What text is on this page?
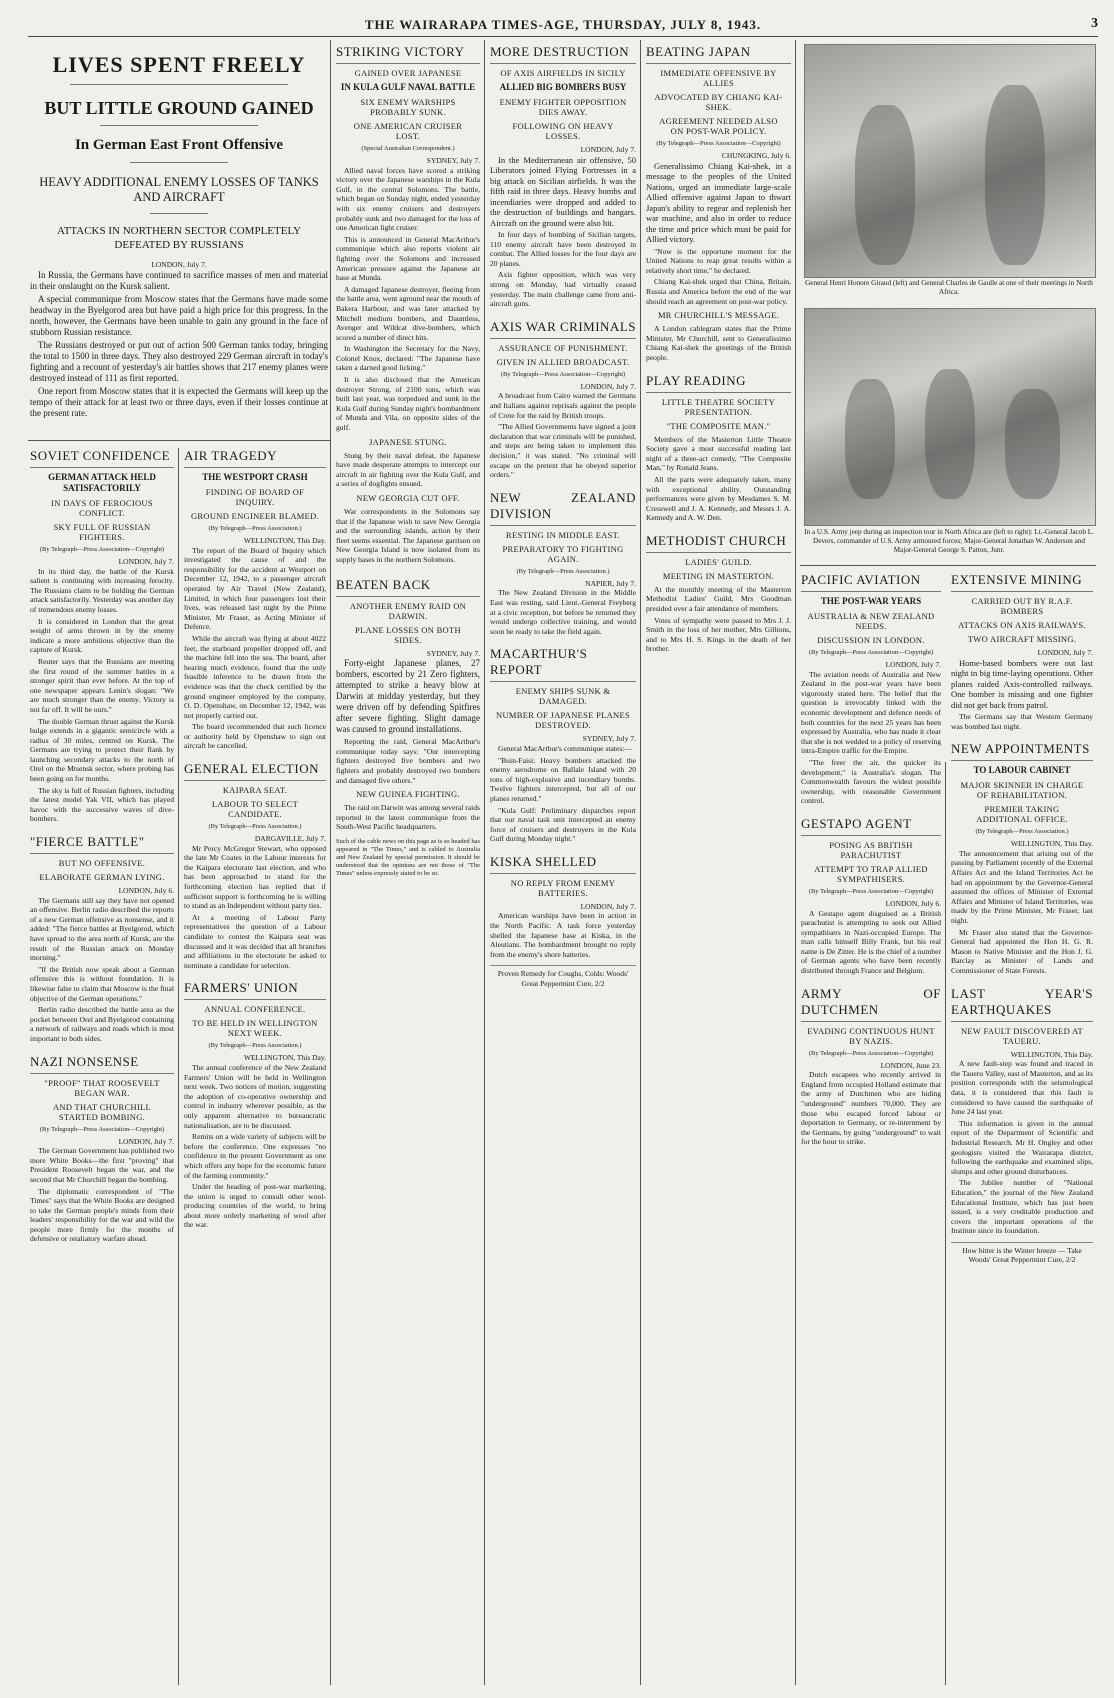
THE WAIRARAPA TIMES-AGE, THURSDAY, JULY 8, 1943.	3
LIVES SPENT FREELY
BUT LITTLE GROUND GAINED
In German East Front Offensive
HEAVY ADDITIONAL ENEMY LOSSES OF TANKS AND AIRCRAFT
ATTACKS IN NORTHERN SECTOR COMPLETELY DEFEATED BY RUSSIANS
LONDON, July 7.

In Russia, the Germans have continued to sacrifice masses of men and material in their onslaught on the Kursk salient.

A special communique from Moscow states that the Germans have made some headway in the Byelgorod area but have paid a high price for this progress. In the north, however, the Germans have been unable to gain any ground in the face of stubborn Russian resistance.

The Russians destroyed or put out of action 500 German tanks today, bringing the total to 1500 in three days. They also destroyed 229 German aircraft in today's fighting and a recount of yesterday's air battles shows that 217 enemy planes were destroyed instead of 111 as first reported.

One report from Moscow states that it is expected the Germans will keep up the tempo of their attack for at least two or three days, even if their losses continue at the present rate.

SOVIET CONFIDENCE
GERMAN ATTACK HELD SATISFACTORILY
IN DAYS OF FEROCIOUS CONFLICT.
SKY FULL OF RUSSIAN FIGHTERS.
(By Telegraph—Press Association—Copyright)
LONDON, July 7.

In its third day, the battle of the Kursk salient is continuing with increasing ferocity. The Russians claim to be holding the German attack satisfactorily. Yesterday was another day of tremendous enemy losses.

It is considered in London that the great weight of arms thrown in by the enemy indicate a more ambitious objective than the capture of Kursk.

Reuter says that the Russians are meeting the first round of the summer battles in a stronger spirit than ever before. At the top of one newspaper appears Lenin's slogan: "We are much stronger than the enemy. Victory is not far off. It will be ours."

The double German thrust against the Kursk bulge extends in a gigantic semicircle with a radius of 30 miles, centred on Kursk. The Germans are trying to protect their flank by launching secondary attacks to the north of Orel on the Mtsensk sector, where probing has been going on for months.

The sky is full of Russian fighters, including the latest model Yak VII, which has played havoc with the successive waves of dive-bombers.

"FIERCE BATTLE"
BUT NO OFFENSIVE.
ELABORATE GERMAN LYING.
LONDON, July 6.

The Germans still say they have not opened an offensive. Berlin radio described the reports of a new German offensive as nonsense, and it added: "The fierce battles at Byelgorod, which have spread to the area north of Kursk, are the result of the Russian attack on Monday morning."

"If the British now speak about a German offensive this is without foundation. It is likewise false to claim that Moscow is the final objective of the German operations."

Berlin radio described the battle area as the pocket between Orel and Byelgorod containing a network of railways and roads which is most important to both sides.

NAZI NONSENSE
"PROOF" THAT ROOSEVELT BEGAN WAR.
AND THAT CHURCHILL STARTED BOMBING.
(By Telegraph—Press Association—Copyright)
LONDON, July 7.

The German Government has published two more White Books—the first "proving" that President Roosevelt began the war, and the second that Mr Churchill began the bombing.

The diplomatic correspondent of "The Times" says that the White Books are designed to take the German people's minds from their leaders' responsibility for the war and wild the people more firmly for the months of defensive or retaliatory warfare ahead.

AIR TRAGEDY
THE WESTPORT CRASH
FINDING OF BOARD OF INQUIRY.
GROUND ENGINEER BLAMED.
(By Telegraph—Press Association.)
WELLINGTON, This Day.

The report of the Board of Inquiry which investigated the cause of and the responsibility for the accident at Westport on December 12, 1942, to a passenger aircraft operated by Air Travel (New Zealand), Limited, in which four passengers lost their lives, was released last night by the Prime Minister, Mr Fraser, as Acting Minister of Defence.

While the aircraft was flying at about 4022 feet, the starboard propeller dropped off, and the machine fell into the sea. The board, after hearing much evidence, found that the only feasible inference to be drawn from the evidence was that the check certified by the ground engineer employed by the company, O. D. Openshaw, on December 12, 1942, was not properly carried out.

The board recommended that such licence or authority held by Openshaw to sign out aircraft be cancelled.

GENERAL ELECTION
KAIPARA SEAT.
LABOUR TO SELECT CANDIDATE.
(By Telegraph—Press Association.)
DARGAVILLE, July 7.

Mr Percy McGregor Stewart, who opposed the late Mr Coates in the Labour interests for the Kaipara electorate last election, and who has been approached to stand for the forthcoming election has replied that if sufficient support is forthcoming he is willing to stand as an Independent without party ties.

At a meeting of Labour Party representatives the question of a Labour candidate to contest the Kaipara seat was discussed and it was decided that all branches and affiliations in the electorate be asked to nominate a candidate for selection.

FARMERS' UNION
ANNUAL CONFERENCE.
TO BE HELD IN WELLINGTON NEXT WEEK.
(By Telegraph—Press Association.)
WELLINGTON, This Day.

The annual conference of the New Zealand Farmers' Union will be held in Wellington next week. Two notices of motion, suggesting the adoption of co-operative ownership and control in industry wherever possible, as the only apparent alternative to bureaucratic nationalisation, are to be discussed.

Remits on a wide variety of subjects will be before the conference. One expresses "no confidence in the present Government as one which offers any hope for the economic future of the farming community."

Under the heading of post-war marketing, the union is urged to consult other wool-producing countries of the world, to bring about more orderly marketing of wool after the war.

STRIKING VICTORY
GAINED OVER JAPANESE
IN KULA GULF NAVAL BATTLE
SIX ENEMY WARSHIPS PROBABLY SUNK.
ONE AMERICAN CRUISER LOST.
(Special Australian Correspondent.)
SYDNEY, July 7.

Allied naval forces have scored a striking victory over the Japanese warships in the Kula Gulf, in the central Solomons. The battle, which began on Sunday night, ended yesterday with six enemy cruisers and destroyers probably sunk and two damaged for the loss of one American light cruiser.

This is announced in General MacArthur's communique which also reports violent air fighting over the Solomons and increased American pressure against the Japanese air base at Munda.

A damaged Japanese destroyer, fleeing from the battle area, went aground near the mouth of Bakera Harbour, and was later attacked by Mitchell medium bombers, and Dauntless, Avenger and Wildcat dive-bombers, which scored a number of direct hits.

In Washington the Secretary for the Navy, Colonel Knox, declared: "The Japanese have taken a darned good licking."

It is also disclosed that the American destroyer Strong, of 2100 tons, which was built last year, was torpedoed and sunk in the Kula Gulf during Sunday night's bombardment of Munda and Vila, on opposite sides of the gulf.

JAPANESE STUNG.

Stung by their naval defeat, the Japanese have made desperate attempts to intercept our aircraft in air fighting over the Kula Gulf, and a series of dogfights ensued.

NEW GEORGIA CUT OFF.

War correspondents in the Solomons say that if the Japanese wish to save New Georgia and the surrounding islands, action by their fleet seems essential. The Japanese garrison on New Georgia Island is now isolated from its supply bases in the northern Solomons.

BEATEN BACK
ANOTHER ENEMY RAID ON DARWIN.
PLANE LOSSES ON BOTH SIDES.
SYDNEY, July 7.

Forty-eight Japanese planes, 27 bombers, escorted by 21 Zero fighters, attempted to strike a heavy blow at Darwin at midday yesterday, but they were driven off by defending Spitfires after severe fighting. Slight damage was caused to ground installations.

Reporting the raid, General MacArthur's communique today says: "Our intercepting fighters destroyed five bombers and two fighters and probably destroyed two bombers and damaged five others."

NEW GUINEA FIGHTING.

The raid on Darwin was among several raids reported in the latest communique from the South-West Pacific headquarters.

Such of the cable news on this page as is so headed has appeared in "The Times," and is cabled to Australia and New Zealand by special permission. It should be understood that the opinions are not those of "The Times" unless expressly stated to be so.
MORE DESTRUCTION
OF AXIS AIRFIELDS IN SICILY
ALLIED BIG BOMBERS BUSY
ENEMY FIGHTER OPPOSITION DIES AWAY.
FOLLOWING ON HEAVY LOSSES.
LONDON, July 7.

In the Mediterranean air offensive, 50 Liberators joined Flying Fortresses in a big attack on Sicilian airfields. It was the fifth raid in three days. Heavy bombs and incendiaries were dropped and added to the destruction of buildings and hangars. Aircraft on the ground were also hit.

In four days of bombing of Sicilian targets, 110 enemy aircraft have been destroyed in combat. The Allied losses for the four days are 20 planes.

Axis fighter opposition, which was very strong on Monday, had virtually ceased yesterday. The main challenge came from anti-aircraft guns.

AXIS WAR CRIMINALS
ASSURANCE OF PUNISHMENT.
GIVEN IN ALLIED BROADCAST.
(By Telegraph—Press Association—Copyright)
LONDON, July 7.

A broadcast from Cairo warned the Germans and Italians against reprisals against the people of Crete for the raid by British troops.

"The Allied Governments have signed a joint declaration that war criminals will be punished, and steps are being taken to implement this decision," it was stated. "No criminal will escape on the pretext that he obeyed superior orders."

NEW ZEALAND DIVISION
RESTING IN MIDDLE EAST.
PREPARATORY TO FIGHTING AGAIN.
(By Telegraph—Press Association.)
NAPIER, July 7.

The New Zealand Division in the Middle East was resting, said Lieut.-General Freyberg at a civic reception, but before he returned they would undergo collective training, and would soon be ready to take the field again.

MACARTHUR'S REPORT
ENEMY SHIPS SUNK & DAMAGED.
NUMBER OF JAPANESE PLANES DESTROYED.
SYDNEY, July 7.

General MacArthur's communique states:—

"Buin-Faisi: Heavy bombers attacked the enemy aerodrome on Ballale Island with 20 tons of high-explosive and incendiary bombs. Twelve fighters intercepted, but all of our planes returned."

"Kula Gulf: Preliminary dispatches report that our naval task unit intercepted an enemy force of cruisers and destroyers in the Kula Gulf during Monday night."

KISKA SHELLED
NO REPLY FROM ENEMY BATTERIES.
LONDON, July 7.

American warships have been in action in the North Pacific. A task force yesterday shelled the Japanese base at Kiska, in the Aleutians. The bombardment brought no reply from the enemy's shore batteries.

Proven Remedy for Coughs, Colds: Woods' Great Peppermint Cure, 2/2
BEATING JAPAN
IMMEDIATE OFFENSIVE BY ALLIES
ADVOCATED BY CHIANG KAI-SHEK.
AGREEMENT NEEDED ALSO ON POST-WAR POLICY.
(By Telegraph—Press Association—Copyright)
CHUNGKING, July 6.

Generalissimo Chiang Kai-shek, in a message to the peoples of the United Nations, urged an immediate large-scale Allied offensive against Japan to thwart Japan's ability to regear and replenish her war machine, and also in order to reduce the time and price which must be paid for Allied victory.

"Now is the opportune moment for the United Nations to reap great results within a relatively short time," he declared.

Chiang Kai-shek urged that China, Britain, Russia and America before the end of the war should reach an agreement on post-war policy.

MR CHURCHILL'S MESSAGE.

A London cablegram states that the Prime Minister, Mr Churchill, sent to Generalissimo Chiang Kai-shek the greetings of the British people.

PLAY READING
LITTLE THEATRE SOCIETY PRESENTATION.
"THE COMPOSITE MAN."

Members of the Masterton Little Theatre Society gave a most successful reading last night of a three-act comedy, "The Composite Man," by Ronald Jeans.

All the parts were adequately taken, many with exceptional ability. Outstanding performances were given by Mesdames S. M. Cresswell and J. A. Kennedy, and Messrs J. A. Kennedy and A. W. Den.

METHODIST CHURCH
LADIES' GUILD.
MEETING IN MASTERTON.

At the monthly meeting of the Masterton Methodist Ladies' Guild, Mrs Goodman presided over a fair attendance of members.

Votes of sympathy were passed to Mrs J. J. Smith in the loss of her mother, Mrs Gillions, and to Mrs H. S. Kings in the death of her brother.

General Henri Honore Giraud (left) and General Charles de Gaulle at one of their meetings in North Africa.
In a U.S. Army jeep during an inspection tour in North Africa are (left to right): Lt.-General Jacob L. Devers, commander of U.S. Army armoured forces; Major-General Jonathan W. Anderson and Major-General George S. Patton, Junr.
PACIFIC AVIATION
THE POST-WAR YEARS
AUSTRALIA & NEW ZEALAND NEEDS.
DISCUSSION IN LONDON.
(By Telegraph—Press Association—Copyright)
LONDON, July 7.

The aviation needs of Australia and New Zealand in the post-war years have been vigorously stated here. The belief that the question is irrevocably linked with the economic development and defence needs of both countries for the next 25 years has been expressed by Australia, who has made it clear that she is not wedded to a policy of reserving intra-Empire traffic for the Empire.

"The freer the air, the quicker its development," is Australia's slogan. The Commonwealth favours the widest possible ownership, with reasonable Government control.

GESTAPO AGENT
POSING AS BRITISH PARACHUTIST
ATTEMPT TO TRAP ALLIED SYMPATHISERS.
(By Telegraph—Press Association—Copyright)
LONDON, July 6.

A Gestapo agent disguised as a British parachutist is attempting to seek out Allied sympathisers in Nazi-occupied Europe. The man calls himself Billy Frank, but his real name is De Zitter. He is the chief of a number of German agents who have been recently distributed through France and Belgium.

ARMY OF DUTCHMEN
EVADING CONTINUOUS HUNT BY NAZIS.
(By Telegraph—Press Association—Copyright)
LONDON, June 23.

Dutch escapees who recently arrived in England from occupied Holland estimate that the army of Dutchmen who are hiding "underground" numbers 70,000. They are those who escaped forced labour or deportation to Germany, or re-internment by the Germans, by going "underground" to wait for the hour to strike.

EXTENSIVE MINING
CARRIED OUT BY R.A.F. BOMBERS
ATTACKS ON AXIS RAILWAYS.
TWO AIRCRAFT MISSING.
LONDON, July 7.

Home-based bombers were out last night in big time-laying operations. Other planes raided Axis-controlled railways. One bomber is missing and one fighter did not get back from patrol.

The Germans say that Western Germany was bombed last night.

NEW APPOINTMENTS
TO LABOUR CABINET
MAJOR SKINNER IN CHARGE OF REHABILITATION.
PREMIER TAKING ADDITIONAL OFFICE.
(By Telegraph—Press Association.)
WELLINGTON, This Day.

The announcement that arising out of the passing by Parliament recently of the External Affairs Act and the Island Territories Act he had on appointment by the Governor-General assumed the offices of Minister of External Affairs and Minister of Island Territories, was made by the Prime Minister, Mr Fraser, last night.

Mr Fraser also stated that the Governor-General had appointed the Hon H. G. R. Mason to Native Minister and the Hon J. G. Barclay as Minister of Lands and Commissioner of State Forests.

LAST YEAR'S EARTHQUAKES
NEW FAULT DISCOVERED AT TAUERU.
WELLINGTON, This Day.

A new fault-step was found and traced in the Taueru Valley, east of Masterton, and as its position corresponds with the seismological data, it is considered that this fault is considered to have caused the earthquake of June 24 last year.

This information is given in the annual report of the Department of Scientific and Industrial Research. Mr H. Ongley and other geologists visited the Wairarapa district, following the earthquake and examined slips, slumps and other ground disturbances.

The Jubilee number of "National Education," the journal of the New Zealand Educational Institute, which has just been issued, is a very creditable production and covers the important operations of the Institute since its foundation.

How bitter is the Winter breeze — Take Woods' Great Peppermint Cure, 2/2
